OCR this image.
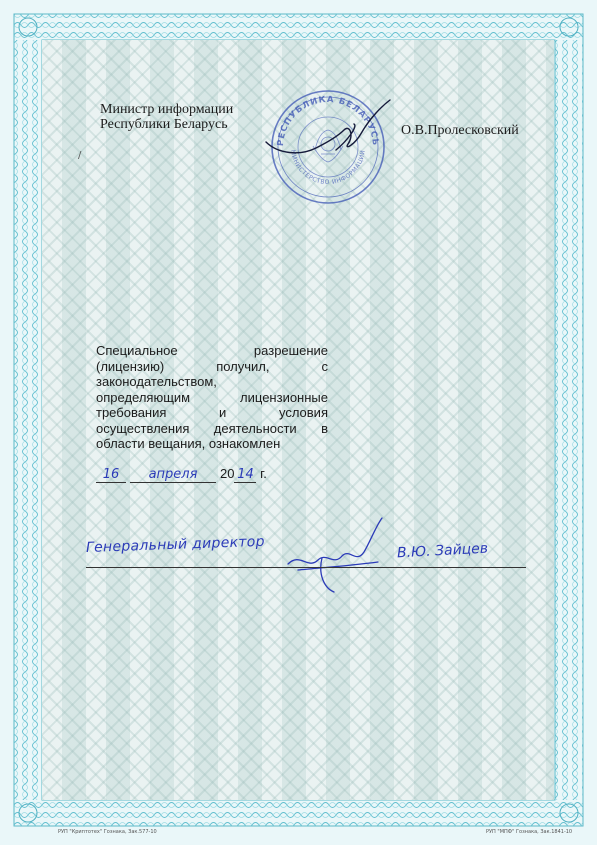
/
Министр информации
Республики Беларусь	О.В.Пролесковский
РЕСПУБЛИКА БЕЛАРУСЬ
МИНИСТЕРСТВО ИНФОРМАЦИИ

Специальное разрешение

(лицензию) получил, с

законодательством,

определяющим лицензионные

требования и условия

осуществления деятельности в

области вещания, ознакомлен

16 апреля 20 14 г.
Генеральный директор	В.Ю. Зайцев
РУП "Криптотех" Гознака, Зак.577-10	РУП "МПФ" Гознака, Зак.1841-10
